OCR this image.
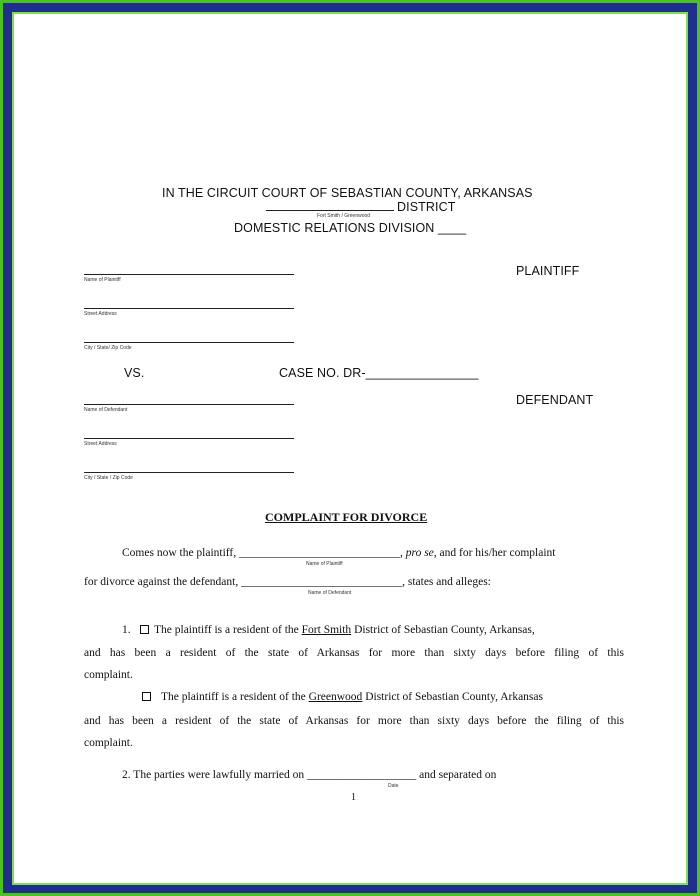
IN THE CIRCUIT COURT OF SEBASTIAN COUNTY, ARKANSAS
DISTRICT
Fort Smith / Greenwood
DOMESTIC RELATIONS DIVISION ____
Name of Plaintiff
PLAINTIFF
Street Address
City / State/ Zip Code
VS.	CASE NO. DR-________________
Name of Defendant
DEFENDANT
Street Address
City / State / Zip Code
COMPLAINT FOR DIVORCE
Comes now the plaintiff, ____________________________, pro se, and for his/her complaint
Name of Plaintiff
for divorce against the defendant, ____________________________, states and alleges:
Name of Defendant
1. The plaintiff is a resident of the Fort Smith District of Sebastian County, Arkansas,
and has been a resident of the state of Arkansas for more than sixty days before filing of this
complaint.
The plaintiff is a resident of the Greenwood District of Sebastian County, Arkansas
and has been a resident of the state of Arkansas for more than sixty days before the filing of this
complaint.
2. The parties were lawfully married on ___________________ and separated on
Date
1
